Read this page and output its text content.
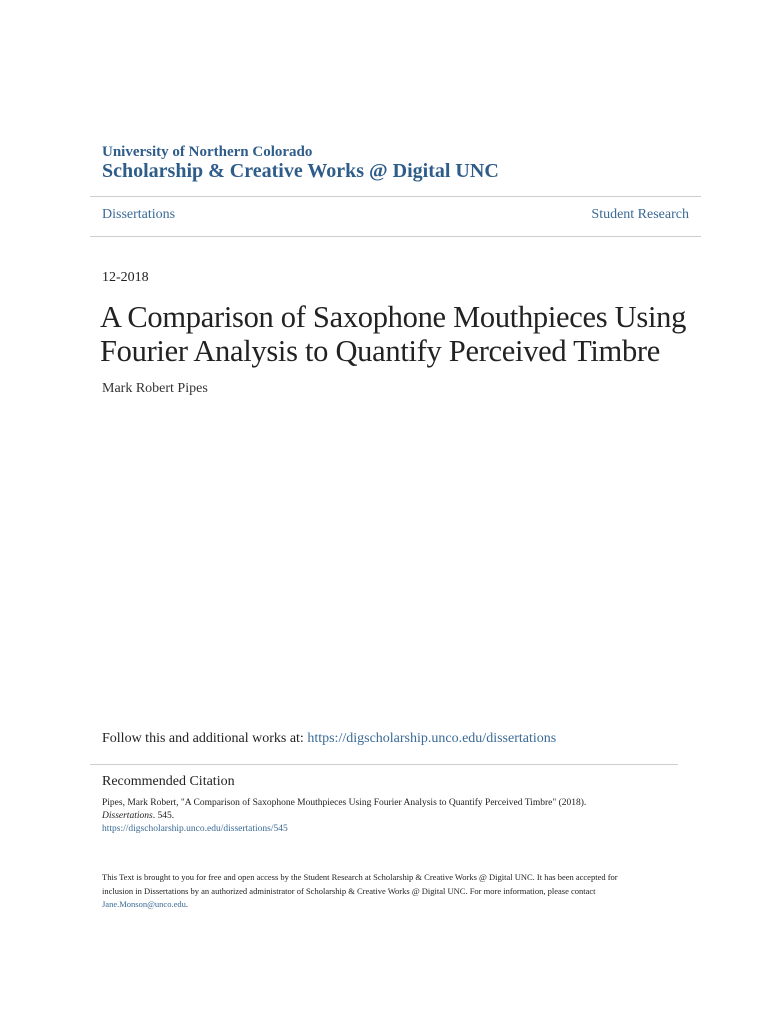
University of Northern Colorado
Scholarship & Creative Works @ Digital UNC
Dissertations	Student Research
12-2018
A Comparison of Saxophone Mouthpieces Using
Fourier Analysis to Quantify Perceived Timbre
Mark Robert Pipes
Follow this and additional works at: https://digscholarship.unco.edu/dissertations
Recommended Citation
Pipes, Mark Robert, "A Comparison of Saxophone Mouthpieces Using Fourier Analysis to Quantify Perceived Timbre" (2018).
Dissertations. 545.
https://digscholarship.unco.edu/dissertations/545
This Text is brought to you for free and open access by the Student Research at Scholarship & Creative Works @ Digital UNC. It has been accepted for
inclusion in Dissertations by an authorized administrator of Scholarship & Creative Works @ Digital UNC. For more information, please contact
Jane.Monson@unco.edu.
